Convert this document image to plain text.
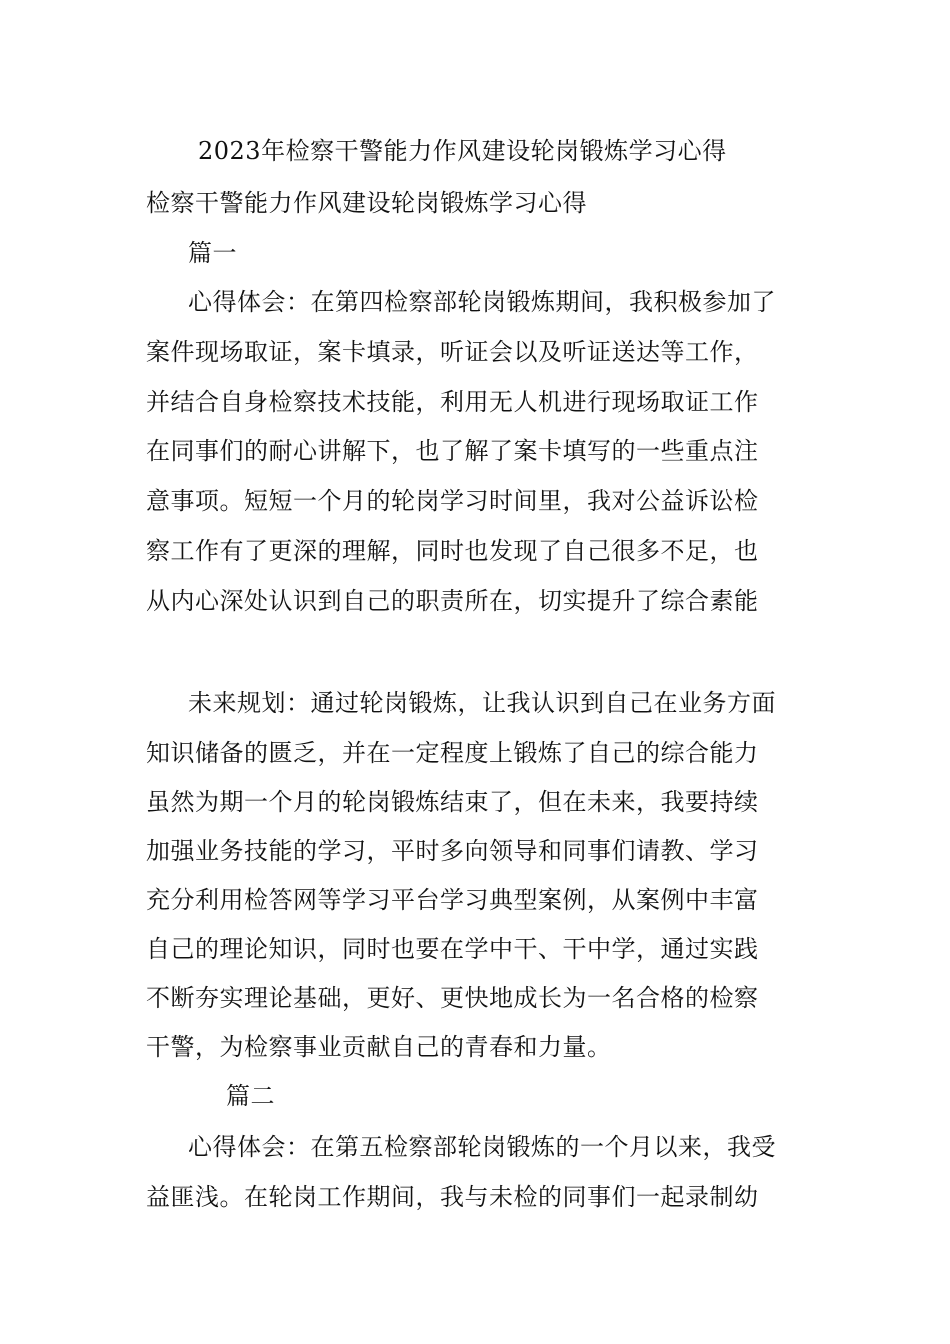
2023年检察干警能力作风建设轮岗锻炼学习心得
检察干警能力作风建设轮岗锻炼学习心得
篇一
心得体会：在第四检察部轮岗锻炼期间，我积极参加了
案件现场取证，案卡填录，听证会以及听证送达等工作，
并结合自身检察技术技能，利用无人机进行现场取证工作
在同事们的耐心讲解下，也了解了案卡填写的一些重点注
意事项。短短一个月的轮岗学习时间里，我对公益诉讼检
察工作有了更深的理解，同时也发现了自己很多不足，也
从内心深处认识到自己的职责所在，切实提升了综合素能
未来规划：通过轮岗锻炼，让我认识到自己在业务方面
知识储备的匮乏，并在一定程度上锻炼了自己的综合能力
虽然为期一个月的轮岗锻炼结束了，但在未来，我要持续
加强业务技能的学习，平时多向领导和同事们请教、学习
充分利用检答网等学习平台学习典型案例，从案例中丰富
自己的理论知识，同时也要在学中干、干中学，通过实践
不断夯实理论基础，更好、更快地成长为一名合格的检察
干警，为检察事业贡献自己的青春和力量。
篇二
心得体会：在第五检察部轮岗锻炼的一个月以来，我受
益匪浅。在轮岗工作期间，我与未检的同事们一起录制幼
